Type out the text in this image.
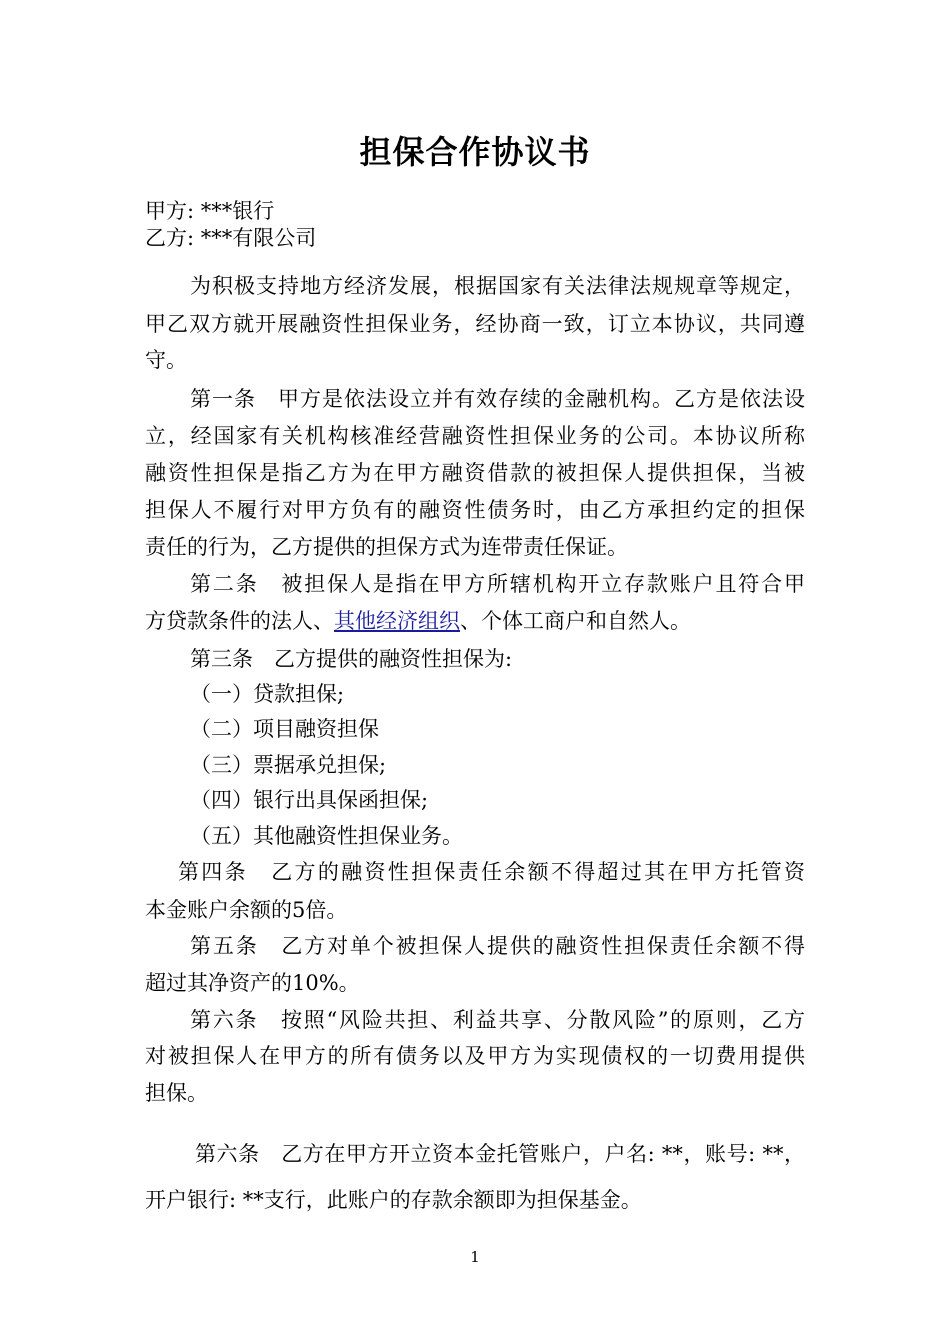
担保合作协议书
甲方: ***银行
乙方: ***有限公司
为积极支持地方经济发展，根据国家有关法律法规规章等规定，
甲乙双方就开展融资性担保业务，经协商一致，订立本协议，共同遵
守。
第一条　甲方是依法设立并有效存续的金融机构。乙方是依法设
立，经国家有关机构核准经营融资性担保业务的公司。本协议所称
融资性担保是指乙方为在甲方融资借款的被担保人提供担保，当被
担保人不履行对甲方负有的融资性债务时，由乙方承担约定的担保
责任的行为，乙方提供的担保方式为连带责任保证。
第二条　被担保人是指在甲方所辖机构开立存款账户且符合甲
方贷款条件的法人、其他经济组织、个体工商户和自然人。
第三条　乙方提供的融资性担保为:
（一）贷款担保;
（二）项目融资担保
（三）票据承兑担保;
（四）银行出具保函担保;
（五）其他融资性担保业务。
第四条　乙方的融资性担保责任余额不得超过其在甲方托管资
本金账户余额的5倍。
第五条　乙方对单个被担保人提供的融资性担保责任余额不得
超过其净资产的10%。
第六条　按照“风险共担、利益共享、分散风险”的原则，乙方
对被担保人在甲方的所有债务以及甲方为实现债权的一切费用提供
担保。
第六条　乙方在甲方开立资本金托管账户，户名: **，账号: **，
开户银行: **支行，此账户的存款余额即为担保基金。
1
